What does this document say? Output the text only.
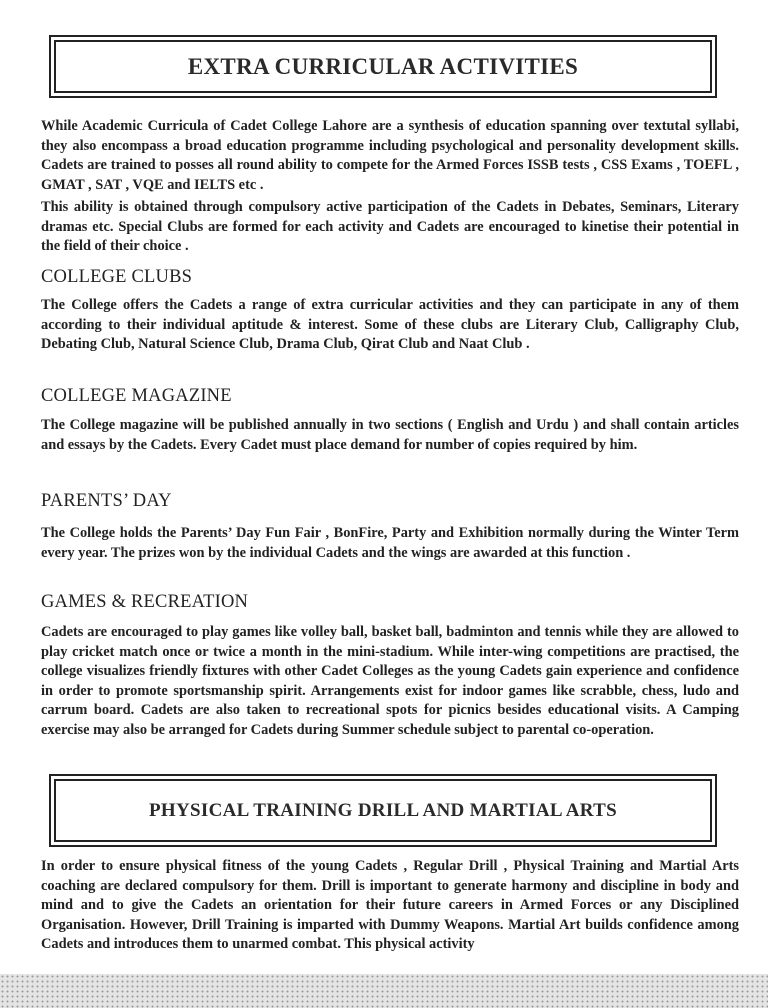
EXTRA CURRICULAR ACTIVITIES

While Academic Curricula of Cadet College Lahore are a synthesis of education spanning over textutal syllabi, they also encompass a broad education programme including psychological and personality development skills. Cadets are trained to posses all round ability to compete for the Armed Forces ISSB tests , CSS Exams , TOEFL , GMAT , SAT , VQE and IELTS etc .

This ability is obtained through compulsory active participation of the Cadets in Debates, Seminars, Literary dramas etc. Special Clubs are formed for each activity and Cadets are encouraged to kinetise their potential in the field of their choice .

COLLEGE CLUBS

The College offers the Cadets a range of extra curricular activities and they can participate in any of them according to their individual aptitude & interest. Some of these clubs are Literary Club, Calligraphy Club, Debating Club, Natural Science Club, Drama Club, Qirat Club and Naat Club .

COLLEGE MAGAZINE

The College magazine will be published annually in two sections ( English and Urdu ) and shall contain articles and essays by the Cadets. Every Cadet must place demand for number of copies required by him.

PARENTS’ DAY

The College holds the Parents’ Day Fun Fair , BonFire, Party and Exhibition normally during the Winter Term every year. The prizes won by the individual Cadets and the wings are awarded at this function .

GAMES & RECREATION

Cadets are encouraged to play games like volley ball, basket ball, badminton and tennis while they are allowed to play cricket match once or twice a month in the mini-stadium. While inter-wing competitions are practised, the college visualizes friendly fixtures with other Cadet Colleges as the young Cadets gain experience and confidence in order to promote sportsmanship spirit. Arrangements exist for indoor games like scrabble, chess, ludo and carrum board. Cadets are also taken to recreational spots for picnics besides educational visits. A Camping exercise may also be arranged for Cadets during Summer schedule subject to parental co-operation.

PHYSICAL TRAINING DRILL AND MARTIAL ARTS

In order to ensure physical fitness of the young Cadets , Regular Drill , Physical Training and Martial Arts coaching are declared compulsory for them. Drill is important to generate harmony and discipline in body and mind and to give the Cadets an orientation for their future careers in Armed Forces or any Disciplined Organisation. However, Drill Training is imparted with Dummy Weapons. Martial Art builds confidence among Cadets and introduces them to unarmed combat. This physical activity
